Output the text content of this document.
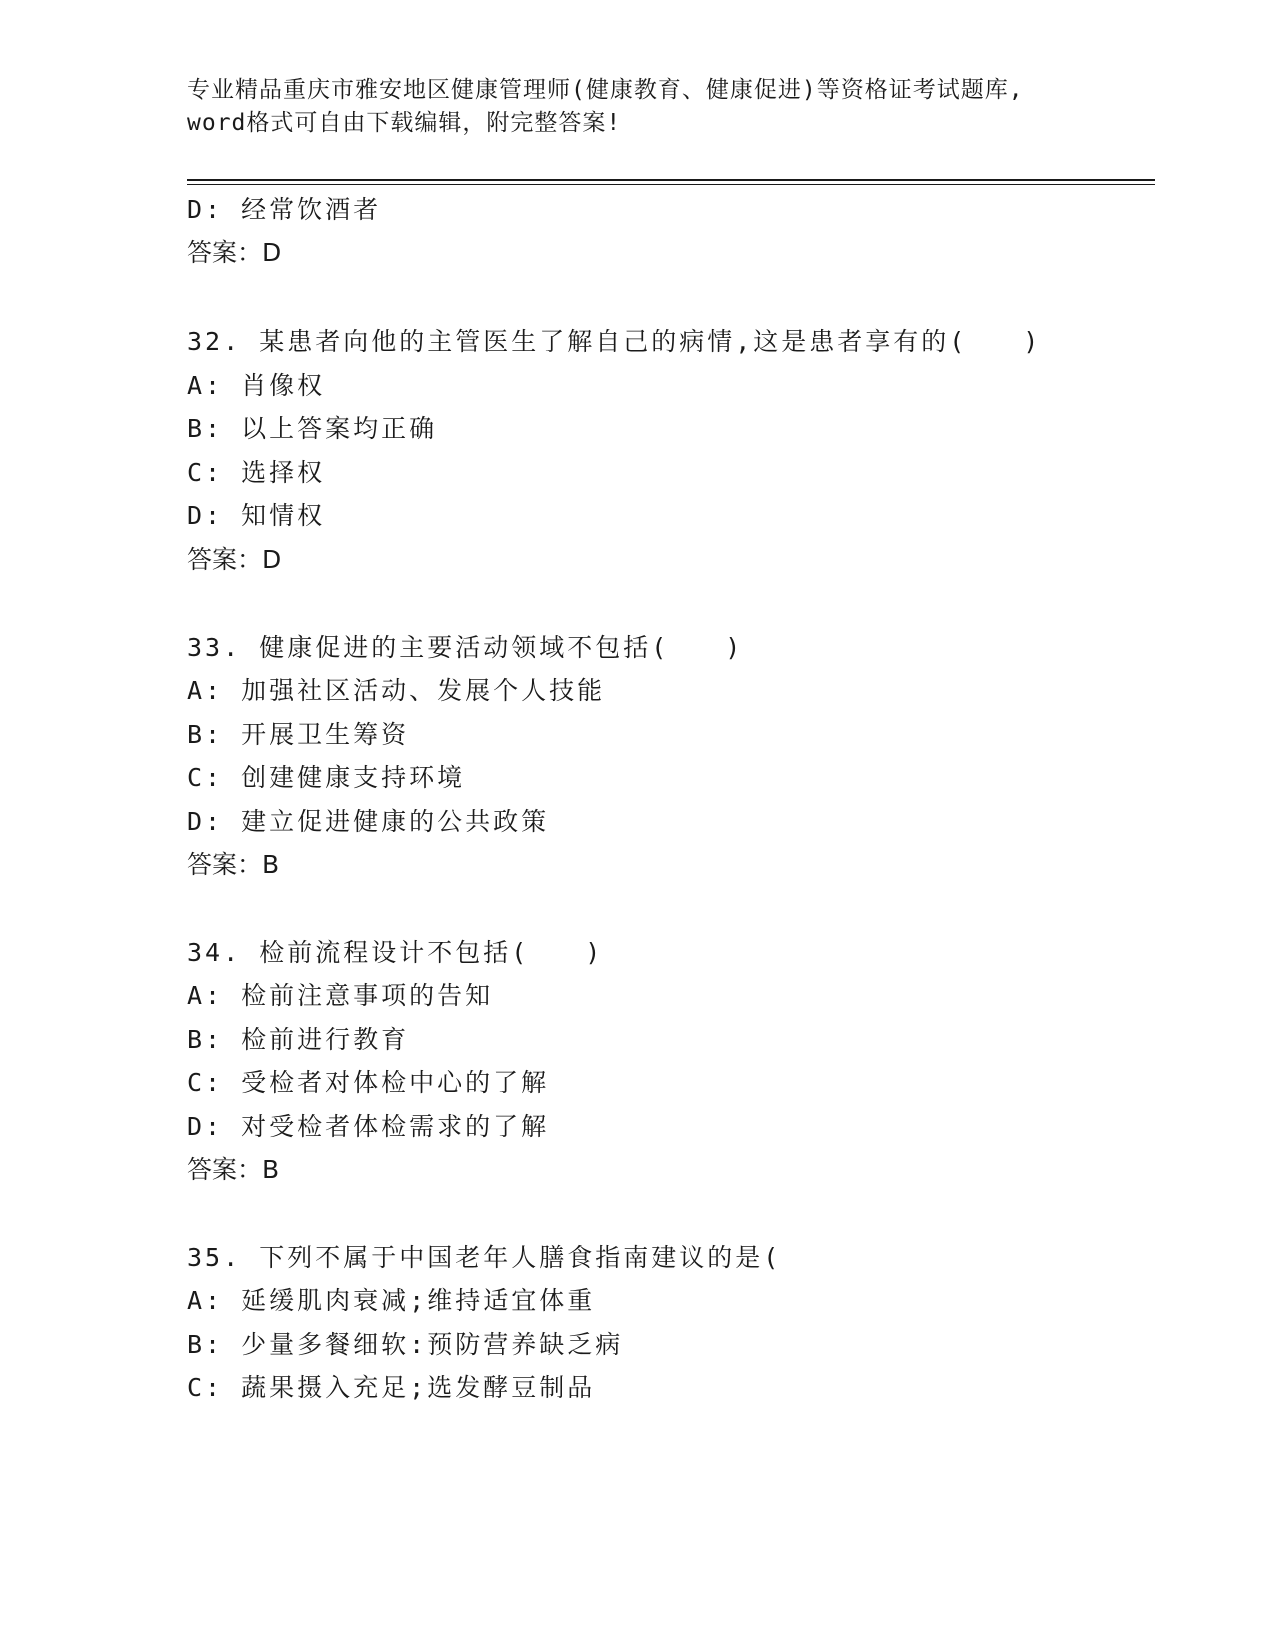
专业精品重庆市雅安地区健康管理师(健康教育、健康促进)等资格证考试题库,
word格式可自由下载编辑，附完整答案!
D: 经常饮酒者
答案：D
32. 某患者向他的主管医生了解自己的病情,这是患者享有的(　　)
A: 肖像权
B: 以上答案均正确
C: 选择权
D: 知情权
答案：D
33. 健康促进的主要活动领域不包括(　　)
A: 加强社区活动、发展个人技能
B: 开展卫生筹资
C: 创建健康支持环境
D: 建立促进健康的公共政策
答案：B
34. 检前流程设计不包括(　　)
A: 检前注意事项的告知
B: 检前进行教育
C: 受检者对体检中心的了解
D: 对受检者体检需求的了解
答案：B
35. 下列不属于中国老年人膳食指南建议的是(
A: 延缓肌肉衰减;维持适宜体重
B: 少量多餐细软:预防营养缺乏病
C: 蔬果摄入充足;选发酵豆制品
